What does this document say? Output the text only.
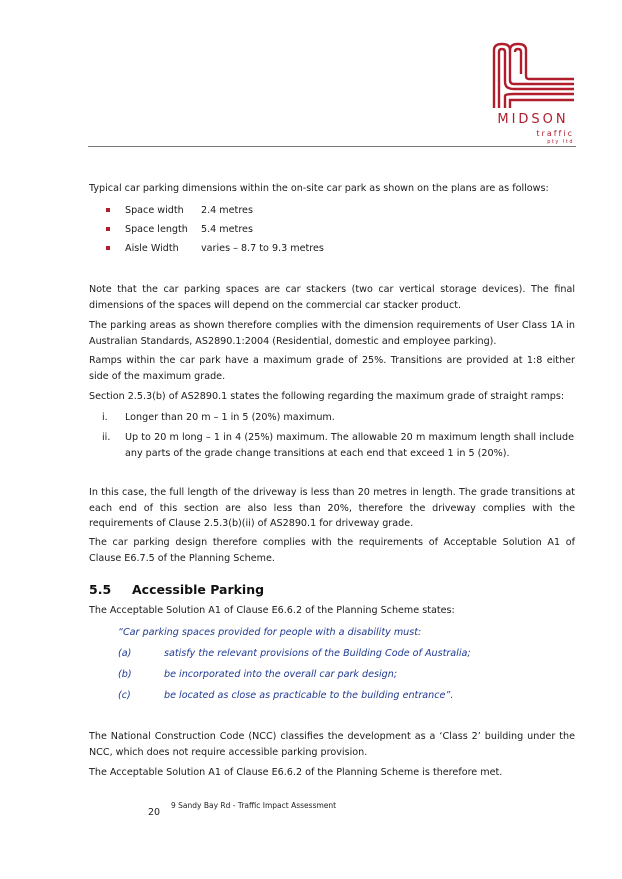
MIDSON
traffic
pty ltd
Typical car parking dimensions within the on-site car park as shown on the plans are as follows:
Space width 2.4 metres
Space length 5.4 metres
Aisle Width varies – 8.7 to 9.3 metres
Note that the car parking spaces are car stackers (two car vertical storage devices). The final dimensions of the spaces will depend on the commercial car stacker product.
The parking areas as shown therefore complies with the dimension requirements of User Class 1A in Australian Standards, AS2890.1:2004 (Residential, domestic and employee parking).
Ramps within the car park have a maximum grade of 25%. Transitions are provided at 1:8 either side of the maximum grade.
Section 2.5.3(b) of AS2890.1 states the following regarding the maximum grade of straight ramps:
i.	Longer than 20 m – 1 in 5 (20%) maximum.
ii.	Up to 20 m long – 1 in 4 (25%) maximum. The allowable 20 m maximum length shall include any parts of the grade change transitions at each end that exceed 1 in 5 (20%).
In this case, the full length of the driveway is less than 20 metres in length. The grade transitions at each end of this section are also less than 20%, therefore the driveway complies with the requirements of Clause 2.5.3(b)(ii) of AS2890.1 for driveway grade.
The car parking design therefore complies with the requirements of Acceptable Solution A1 of Clause E6.7.5 of the Planning Scheme.
5.5 Accessible Parking
The Acceptable Solution A1 of Clause E6.6.2 of the Planning Scheme states:
“Car parking spaces provided for people with a disability must:
(a)	satisfy the relevant provisions of the Building Code of Australia;
(b)	be incorporated into the overall car park design;
(c)	be located as close as practicable to the building entrance”.
The National Construction Code (NCC) classifies the development as a ‘Class 2’ building under the NCC, which does not require accessible parking provision.
The Acceptable Solution A1 of Clause E6.6.2 of the Planning Scheme is therefore met.
20
9 Sandy Bay Rd - Traffic Impact Assessment
